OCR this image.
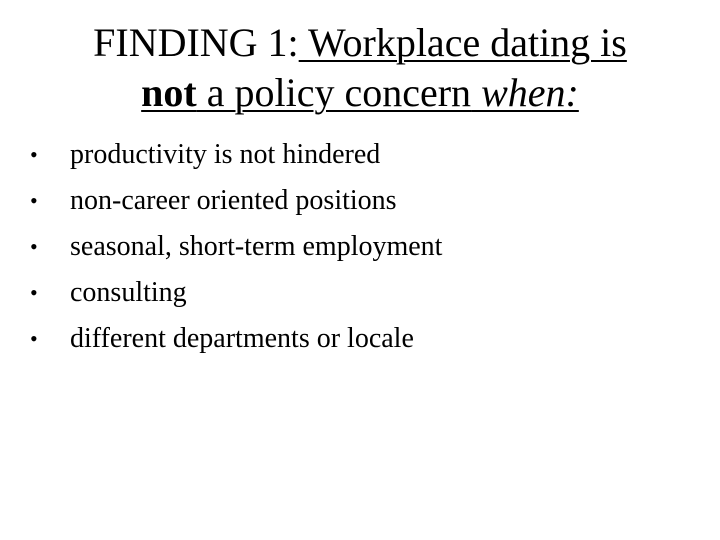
FINDING 1: Workplace dating is
not a policy concern when:
•	productivity is not hindered
•	non-career oriented positions
•	seasonal, short-term employment
•	consulting
•	different departments or locale
